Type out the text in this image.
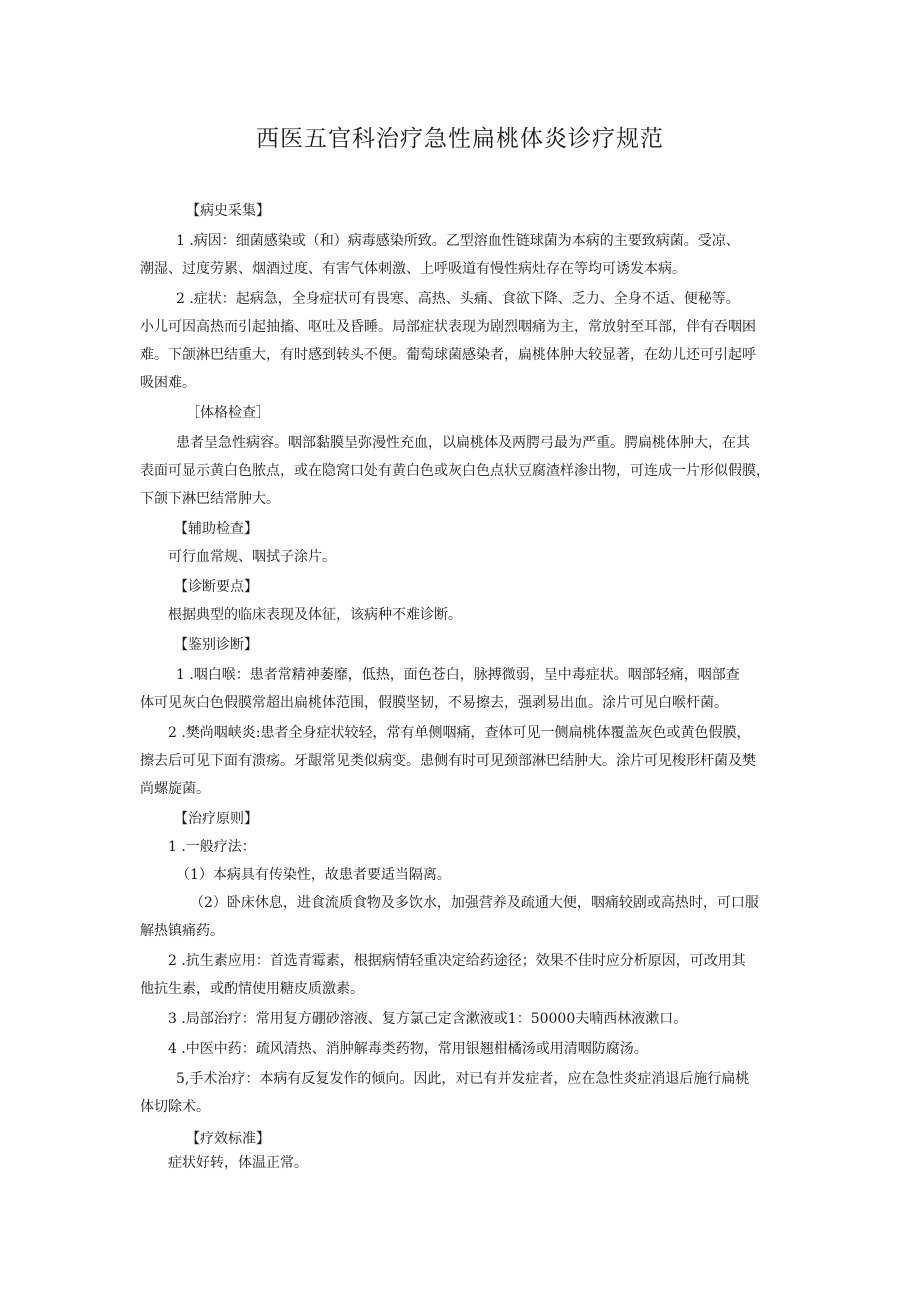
西医五官科治疗急性扁桃体炎诊疗规范
【病史采集】
1 .病因：细菌感染或（和）病毒感染所致。乙型溶血性链球菌为本病的主要致病菌。受凉、
潮湿、过度劳累、烟酒过度、有害气体刺激、上呼吸道有慢性病灶存在等均可诱发本病。
2 .症状：起病急，全身症状可有畏寒、高热、头痛、食欲下降、乏力、全身不适、便秘等。
小儿可因高热而引起抽搐、呕吐及昏睡。局部症状表现为剧烈咽痛为主，常放射至耳部，伴有吞咽困
难。下颌淋巴结重大，有时感到转头不便。葡萄球菌感染者，扁桃体肿大较显著，在幼儿还可引起呼
吸困难。
［体格检查］
患者呈急性病容。咽部黏膜呈弥漫性充血，以扁桃体及两腭弓最为严重。腭扁桃体肿大，在其
表面可显示黄白色脓点，或在隐窝口处有黄白色或灰白色点状豆腐渣样渗出物，可连成一片形似假膜，
下颌下淋巴结常肿大。
【辅助检查】
可行血常规、咽拭子涂片。
【诊断要点】
根据典型的临床表现及体征，该病种不难诊断。
【鉴别诊断】
1 .咽白喉：患者常精神萎靡，低热，面色苍白，脉搏微弱，呈中毒症状。咽部轻痛，咽部查
体可见灰白色假膜常超出扁桃体范围，假膜坚韧，不易擦去，强剥易出血。涂片可见白喉杆菌。
2 .樊尚咽峡炎:患者全身症状较轻，常有单侧咽痛，查体可见一侧扁桃体覆盖灰色或黄色假膜，
擦去后可见下面有溃疡。牙龈常见类似病变。患侧有时可见颈部淋巴结肿大。涂片可见梭形杆菌及樊
尚螺旋菌。
【治疗原则】
1 .一般疗法：
（1）本病具有传染性，故患者要适当隔离。
（2）卧床休息，进食流质食物及多饮水，加强营养及疏通大便，咽痛较剧或高热时，可口服
解热镇痛药。
2 .抗生素应用：首选青霉素，根据病情轻重决定给药途径；效果不佳时应分析原因，可改用其
他抗生素，或酌情使用糖皮质激素。
3 .局部治疗：常用复方硼砂溶液、复方氯己定含漱液或1：50000夫喃西林液漱口。
4 .中医中药：疏风清热、消肿解毒类药物，常用银翘柑橘汤或用清咽防腐汤。
5,手术治疗：本病有反复发作的倾向。因此，对已有并发症者，应在急性炎症消退后施行扁桃
体切除术。
【疗效标准】
症状好转，体温正常。
